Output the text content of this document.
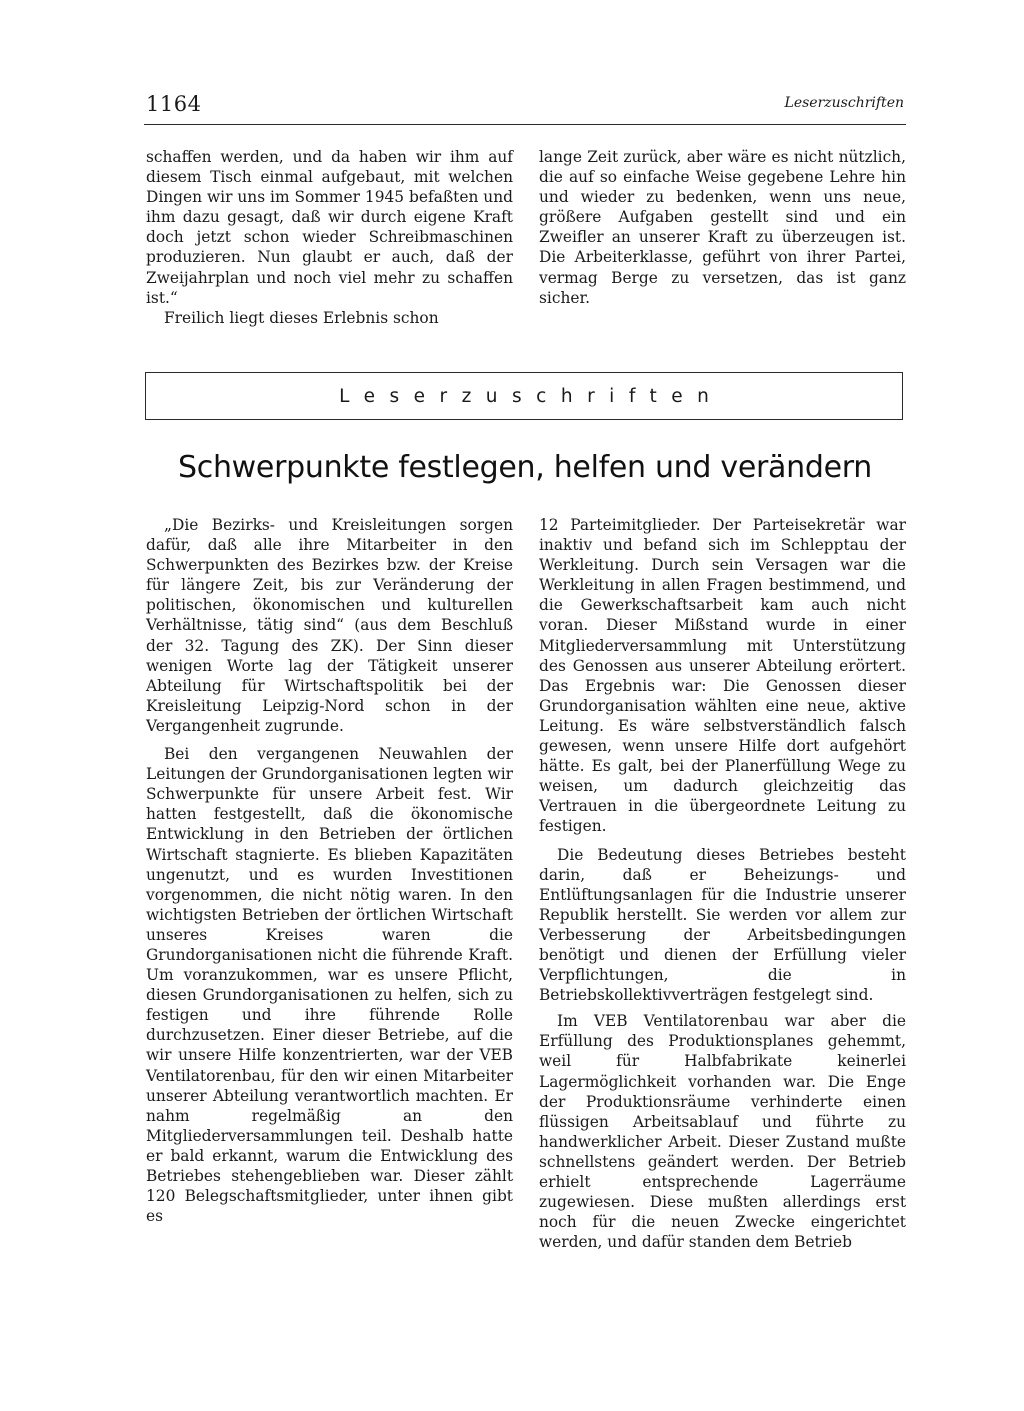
1164	Leserzuschriften

schaffen werden, und da haben wir ihm auf diesem Tisch einmal aufgebaut, mit welchen Dingen wir uns im Sommer 1945 befaßten und ihm dazu gesagt, daß wir durch eigene Kraft doch jetzt schon wieder Schreibmaschinen produzieren. Nun glaubt er auch, daß der Zweijahrplan und noch viel mehr zu schaffen ist.“

Freilich liegt dieses Erlebnis schon

lange Zeit zurück, aber wäre es nicht nützlich, die auf so einfache Weise gegebene Lehre hin und wieder zu bedenken, wenn uns neue, größere Aufgaben gestellt sind und ein Zweifler an unserer Kraft zu überzeugen ist. Die Arbeiterklasse, geführt von ihrer Partei, vermag Berge zu versetzen, das ist ganz sicher.

Leserzuschriften
Schwerpunkte festlegen, helfen und verändern

„Die Bezirks- und Kreisleitungen sorgen dafür, daß alle ihre Mitarbeiter in den Schwerpunkten des Bezirkes bzw. der Kreise für längere Zeit, bis zur Veränderung der politischen, ökonomischen und kulturellen Verhältnisse, tätig sind“ (aus dem Beschluß der 32. Tagung des ZK). Der Sinn dieser wenigen Worte lag der Tätigkeit unserer Abteilung für Wirtschaftspolitik bei der Kreisleitung Leipzig-Nord schon in der Vergangenheit zugrunde.

Bei den vergangenen Neuwahlen der Leitungen der Grundorganisationen legten wir Schwerpunkte für unsere Arbeit fest. Wir hatten festgestellt, daß die ökonomische Entwicklung in den Betrieben der örtlichen Wirtschaft stagnierte. Es blieben Kapazitäten ungenutzt, und es wurden Investitionen vorgenommen, die nicht nötig waren. In den wichtigsten Betrieben der örtlichen Wirtschaft unseres Kreises waren die Grundorganisationen nicht die führende Kraft. Um voranzukommen, war es unsere Pflicht, diesen Grundorganisationen zu helfen, sich zu festigen und ihre führende Rolle durchzusetzen. Einer dieser Betriebe, auf die wir unsere Hilfe konzentrierten, war der VEB Ventilatorenbau, für den wir einen Mitarbeiter unserer Abteilung verantwortlich machten. Er nahm regelmäßig an den Mitgliederversammlungen teil. Deshalb hatte er bald erkannt, warum die Entwicklung des Betriebes stehengeblieben war. Dieser zählt 120 Belegschaftsmitglieder, unter ihnen gibt es

12 Parteimitglieder. Der Parteisekretär war inaktiv und befand sich im Schlepptau der Werkleitung. Durch sein Versagen war die Werkleitung in allen Fragen bestimmend, und die Gewerkschaftsarbeit kam auch nicht voran. Dieser Mißstand wurde in einer Mitgliederversammlung mit Unterstützung des Genossen aus unserer Abteilung erörtert. Das Ergebnis war: Die Genossen dieser Grundorganisation wählten eine neue, aktive Leitung. Es wäre selbstverständlich falsch gewesen, wenn unsere Hilfe dort aufgehört hätte. Es galt, bei der Planerfüllung Wege zu weisen, um dadurch gleichzeitig das Vertrauen in die übergeordnete Leitung zu festigen.

Die Bedeutung dieses Betriebes besteht darin, daß er Beheizungs- und Entlüftungsanlagen für die Industrie unserer Republik herstellt. Sie werden vor allem zur Verbesserung der Arbeitsbedingungen benötigt und dienen der Erfüllung vieler Verpflichtungen, die in Betriebskollektivverträgen festgelegt sind.

Im VEB Ventilatorenbau war aber die Erfüllung des Produktionsplanes gehemmt, weil für Halbfabrikate keinerlei Lagermöglichkeit vorhanden war. Die Enge der Produktionsräume verhinderte einen flüssigen Arbeitsablauf und führte zu handwerklicher Arbeit. Dieser Zustand mußte schnellstens geändert werden. Der Betrieb erhielt entsprechende Lagerräume zugewiesen. Diese mußten allerdings erst noch für die neuen Zwecke eingerichtet werden, und dafür standen dem Betrieb
